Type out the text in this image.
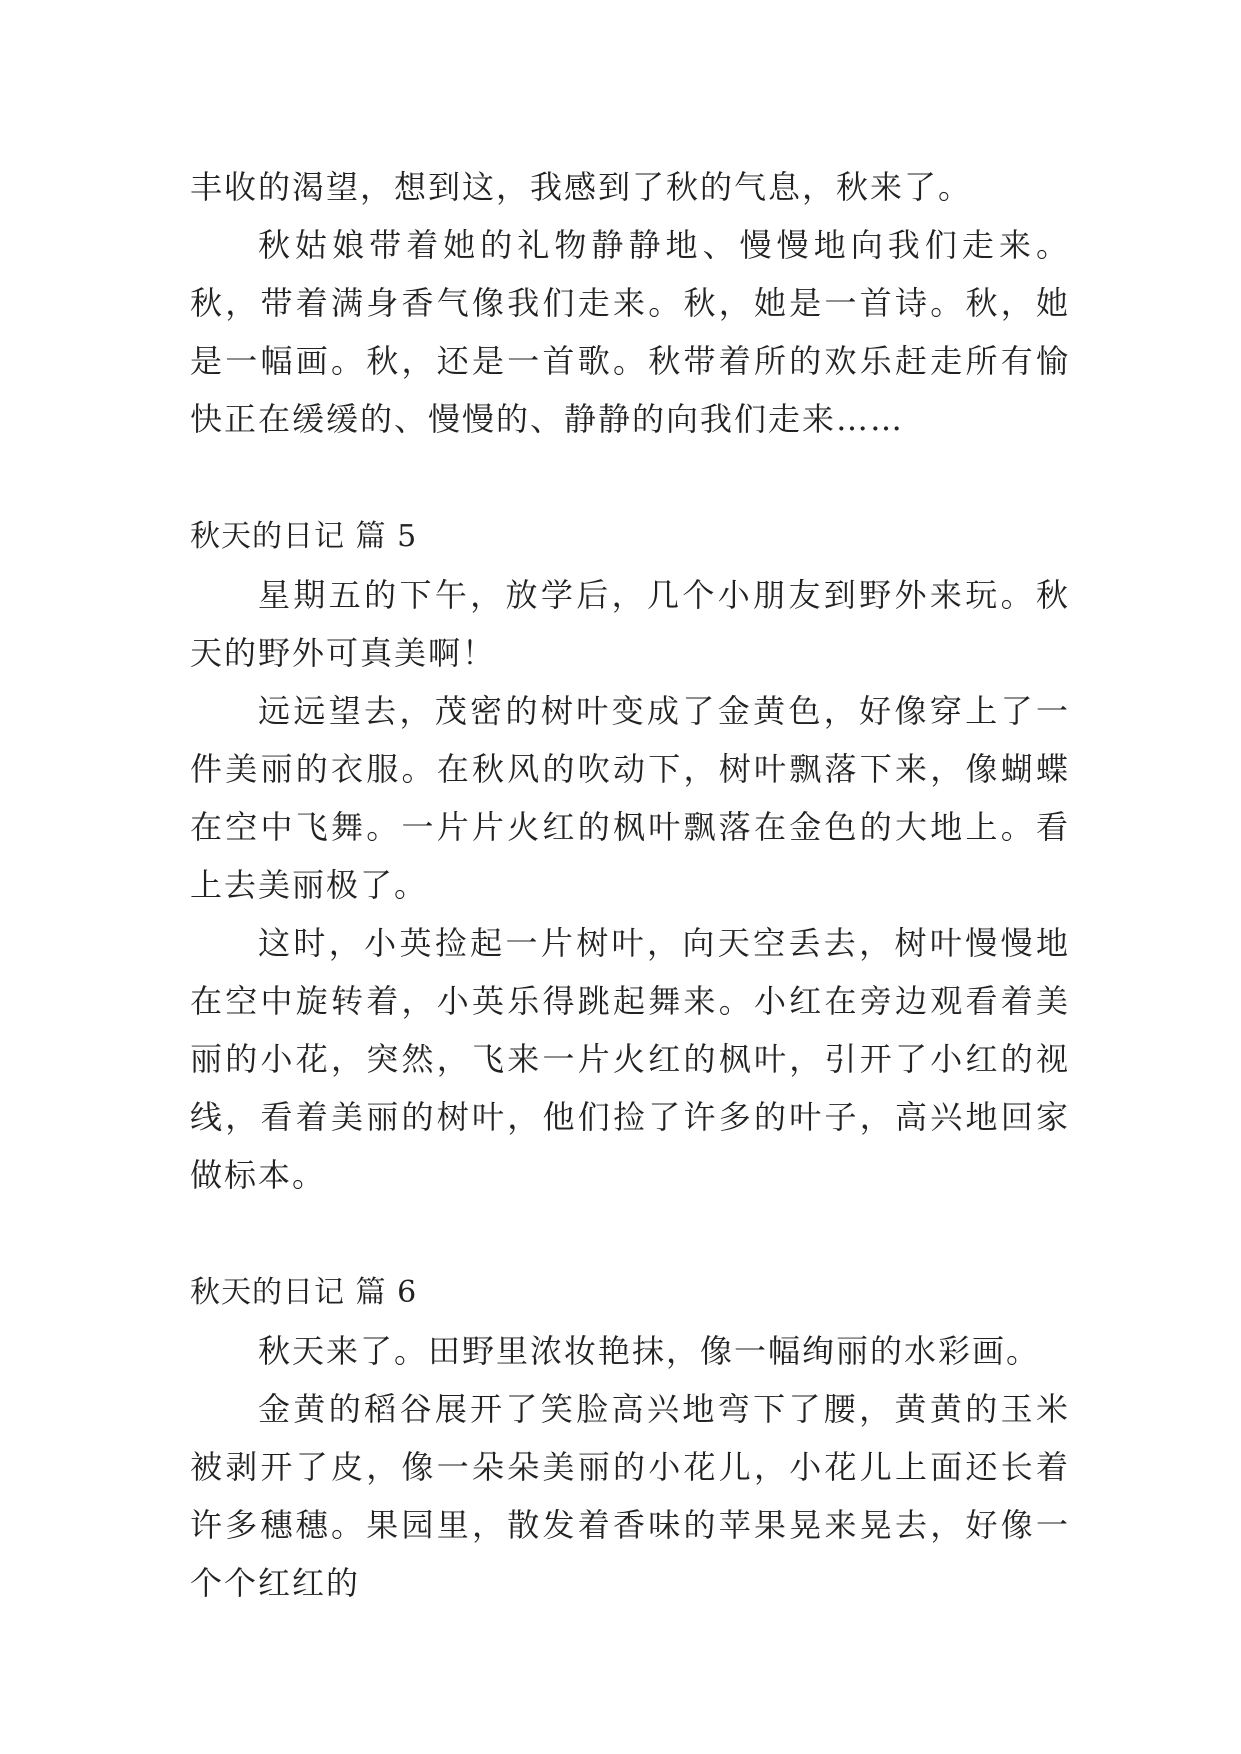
丰收的渴望，想到这，我感到了秋的气息，秋来了。

秋姑娘带着她的礼物静静地、慢慢地向我们走来。秋，带着满身香气像我们走来。秋，她是一首诗。秋，她是一幅画。秋，还是一首歌。秋带着所的欢乐赶走所有愉快正在缓缓的、慢慢的、静静的向我们走来……

秋天的日记 篇 5

星期五的下午，放学后，几个小朋友到野外来玩。秋天的野外可真美啊！

远远望去，茂密的树叶变成了金黄色，好像穿上了一件美丽的衣服。在秋风的吹动下，树叶飘落下来，像蝴蝶在空中飞舞。一片片火红的枫叶飘落在金色的大地上。看上去美丽极了。

这时，小英捡起一片树叶，向天空丢去，树叶慢慢地在空中旋转着，小英乐得跳起舞来。小红在旁边观看着美丽的小花，突然，飞来一片火红的枫叶，引开了小红的视线，看着美丽的树叶，他们捡了许多的叶子，高兴地回家做标本。

秋天的日记 篇 6

秋天来了。田野里浓妆艳抹，像一幅绚丽的水彩画。

金黄的稻谷展开了笑脸高兴地弯下了腰，黄黄的玉米被剥开了皮，像一朵朵美丽的小花儿，小花儿上面还长着许多穗穗。果园里，散发着香味的苹果晃来晃去，好像一个个红红的
